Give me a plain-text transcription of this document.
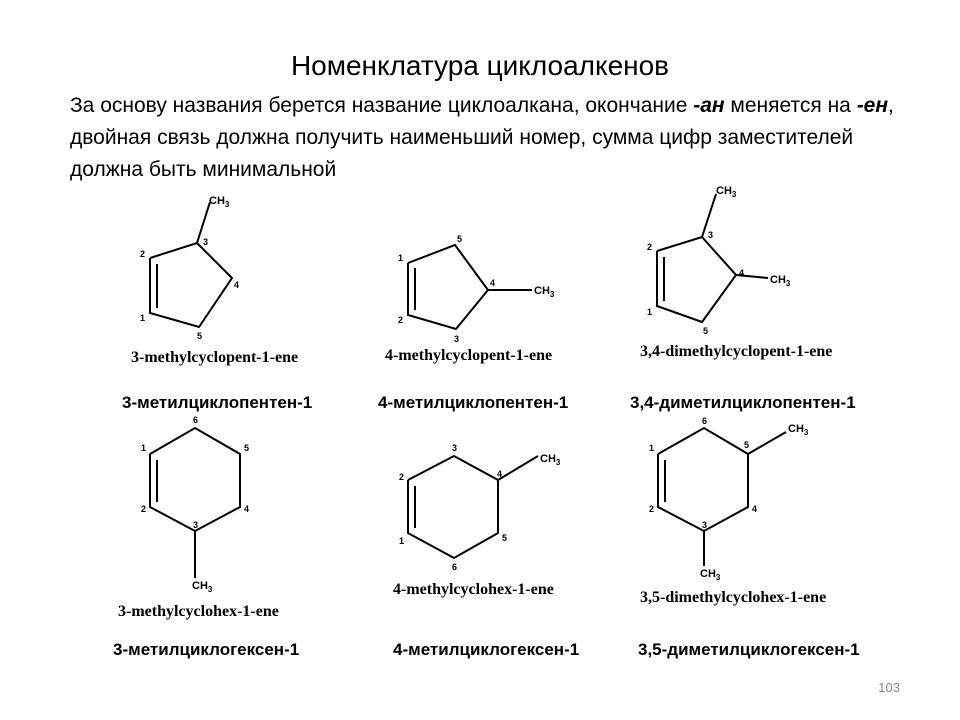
Номенклатура циклоалкенов
За основу названия берется название циклоалкана, окончание -ан меняется на -ен, двойная связь должна получить наименьший номер, сумма цифр заместителей должна быть минимальной
2
3
4
5
1
$CH_3$
1
5
4
3
2
$CH_3$
2
3
4
5
1
$CH_3$
$CH_3$
1
6
5
4
3
2
$CH_3$
2
3
4
5
6
1
$CH_3$
1
6
5
4
3
2
$CH_3$
$CH_3$
3-methylcyclopent-1-ene	4-methylcyclopent-1-ene	3,4-dimethylcyclopent-1-ene
3-methylcyclohex-1-ene
4-methylcyclohex-1-ene	3,5-dimethylcyclohex-1-ene
3-метилциклопентен-1	4-метилциклопентен-1	3,4-диметилциклопентен-1
3-метилциклогексен-1	4-метилциклогексен-1	3,5-диметилциклогексен-1
103
